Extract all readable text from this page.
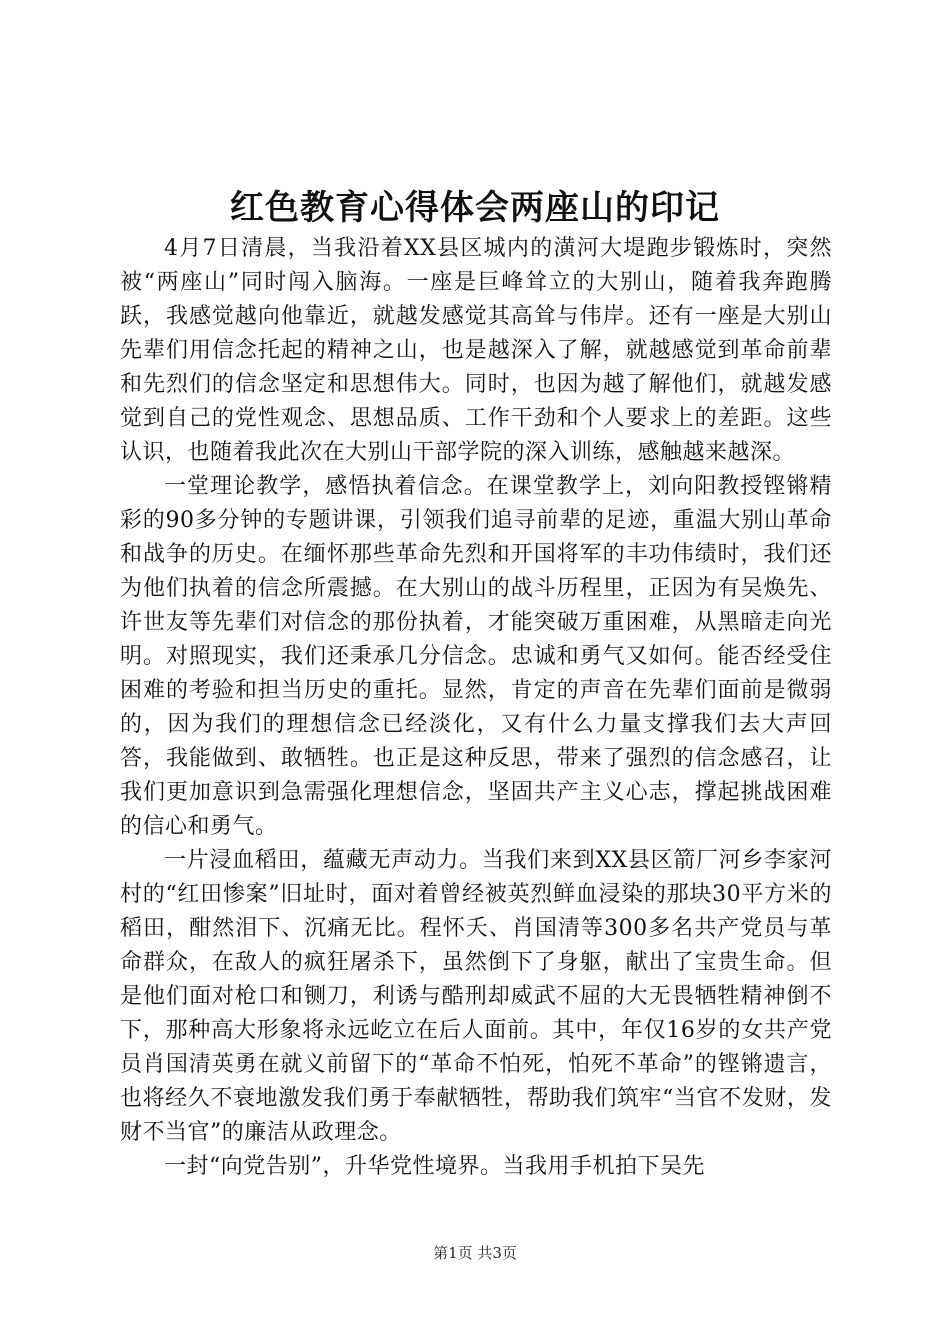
红色教育心得体会两座山的印记

4月7日清晨，当我沿着XX县区城内的潢河大堤跑步锻炼时，突然被“两座山”同时闯入脑海。一座是巨峰耸立的大别山，随着我奔跑腾跃，我感觉越向他靠近，就越发感觉其高耸与伟岸。还有一座是大别山先辈们用信念托起的精神之山，也是越深入了解，就越感觉到革命前辈和先烈们的信念坚定和思想伟大。同时，也因为越了解他们，就越发感觉到自己的党性观念、思想品质、工作干劲和个人要求上的差距。这些认识，也随着我此次在大别山干部学院的深入训练，感触越来越深。

一堂理论教学，感悟执着信念。在课堂教学上，刘向阳教授铿锵精彩的90多分钟的专题讲课，引领我们追寻前辈的足迹，重温大别山革命和战争的历史。在缅怀那些革命先烈和开国将军的丰功伟绩时，我们还为他们执着的信念所震撼。在大别山的战斗历程里，正因为有吴焕先、许世友等先辈们对信念的那份执着，才能突破万重困难，从黑暗走向光明。对照现实，我们还秉承几分信念。忠诚和勇气又如何。能否经受住困难的考验和担当历史的重托。显然，肯定的声音在先辈们面前是微弱的，因为我们的理想信念已经淡化，又有什么力量支撑我们去大声回答，我能做到、敢牺牲。也正是这种反思，带来了强烈的信念感召，让我们更加意识到急需强化理想信念，坚固共产主义心志，撑起挑战困难的信心和勇气。

一片浸血稻田，蕴藏无声动力。当我们来到XX县区箭厂河乡李家河村的“红田惨案”旧址时，面对着曾经被英烈鲜血浸染的那块30平方米的稻田，酣然泪下、沉痛无比。程怀夭、肖国清等300多名共产党员与革命群众，在敌人的疯狂屠杀下，虽然倒下了身躯，献出了宝贵生命。但是他们面对枪口和铡刀，利诱与酷刑却威武不屈的大无畏牺牲精神倒不下，那种高大形象将永远屹立在后人面前。其中，年仅16岁的女共产党员肖国清英勇在就义前留下的“革命不怕死，怕死不革命”的铿锵遗言，也将经久不衰地激发我们勇于奉献牺牲，帮助我们筑牢“当官不发财，发财不当官”的廉洁从政理念。

一封“向党告别”，升华党性境界。当我用手机拍下吴先

第1页 共3页
